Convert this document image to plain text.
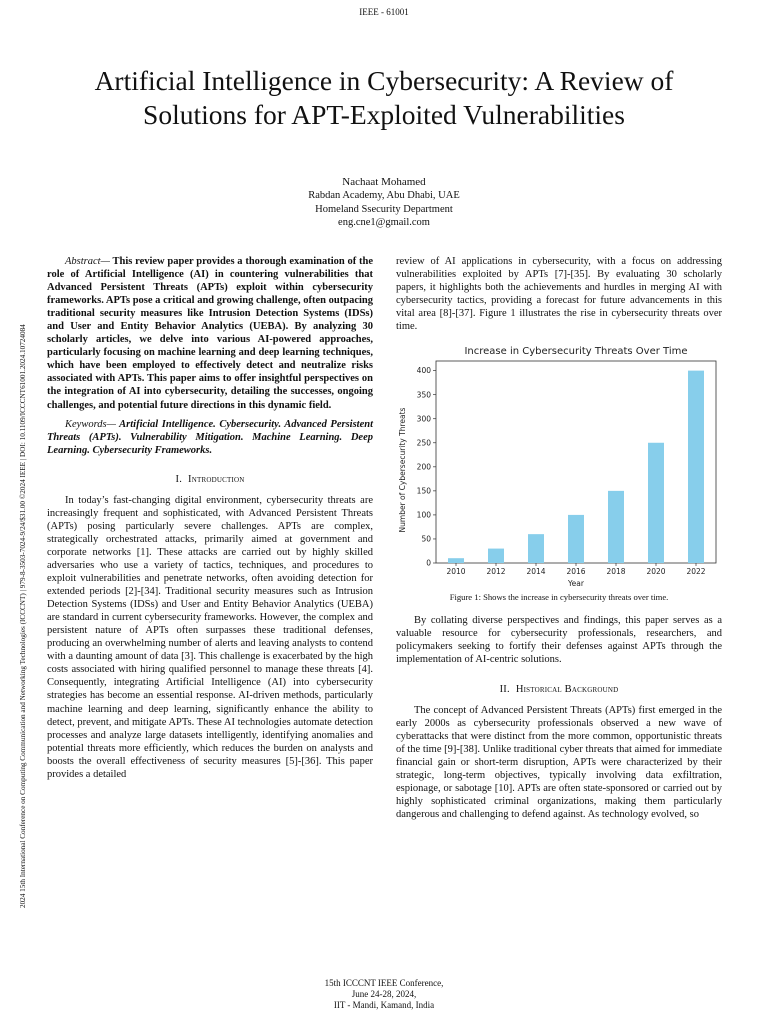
IEEE - 61001
2024 15th International Conference on Computing Communication and Networking Technologies (ICCCNT) | 979-8-3503-7024-9/24/$31.00 ©2024 IEEE | DOI: 10.1109/ICCCNT61001.2024.10724084
Artificial Intelligence in Cybersecurity: A Review of
Solutions for APT-Exploited Vulnerabilities
Nachaat Mohamed
Rabdan Academy, Abu Dhabi, UAE
Homeland Ssecurity Department
eng.cne1@gmail.com

Abstract— This review paper provides a thorough examination of the role of Artificial Intelligence (AI) in countering vulnerabilities that Advanced Persistent Threats (APTs) exploit within cybersecurity frameworks. APTs pose a critical and growing challenge, often outpacing traditional security measures like Intrusion Detection Systems (IDSs) and User and Entity Behavior Analytics (UEBA). By analyzing 30 scholarly articles, we delve into various AI-powered approaches, particularly focusing on machine learning and deep learning techniques, which have been employed to effectively detect and neutralize risks associated with APTs. This paper aims to offer insightful perspectives on the integration of AI into cybersecurity, detailing the successes, ongoing challenges, and potential future directions in this dynamic field.

Keywords— Artificial Intelligence. Cybersecurity. Advanced Persistent Threats (APTs). Vulnerability Mitigation. Machine Learning. Deep Learning. Cybersecurity Frameworks.

I. Introduction

In today’s fast-changing digital environment, cybersecurity threats are increasingly frequent and sophisticated, with Advanced Persistent Threats (APTs) posing particularly severe challenges. APTs are complex, strategically orchestrated attacks, primarily aimed at government and corporate networks [1]. These attacks are carried out by highly skilled adversaries who use a variety of tactics, techniques, and procedures to exploit vulnerabilities and penetrate networks, often avoiding detection for extended periods [2]-[34]. Traditional security measures such as Intrusion Detection Systems (IDSs) and User and Entity Behavior Analytics (UEBA) are standard in current cybersecurity frameworks. However, the complex and persistent nature of APTs often surpasses these traditional defenses, producing an overwhelming number of alerts and leaving analysts to contend with a daunting amount of data [3]. This challenge is exacerbated by the high costs associated with hiring qualified personnel to manage these threats [4]. Consequently, integrating Artificial Intelligence (AI) into cybersecurity strategies has become an essential response. AI-driven methods, particularly machine learning and deep learning, significantly enhance the ability to detect, prevent, and mitigate APTs. These AI technologies automate detection processes and analyze large datasets intelligently, identifying anomalies and potential threats more efficiently, which reduces the burden on analysts and boosts the overall effectiveness of security measures [5]-[36]. This paper provides a detailed

review of AI applications in cybersecurity, with a focus on addressing vulnerabilities exploited by APTs [7]-[35]. By evaluating 30 scholarly papers, it highlights both the achievements and hurdles in merging AI with cybersecurity tactics, providing a forecast for future advancements in this vital area [8]-[37]. Figure 1 illustrates the rise in cybersecurity threats over time.

Increase in Cybersecurity Threats Over Time
0
50
100
150
200
250
300
350
400
2010	2012	2014	2016	2018	2020	2022
Year
Number of Cybersecurity Threats
Figure 1: Shows the increase in cybersecurity threats over time.

By collating diverse perspectives and findings, this paper serves as a valuable resource for cybersecurity professionals, researchers, and policymakers seeking to fortify their defenses against APTs through the implementation of AI-centric solutions.

II. Historical Background

The concept of Advanced Persistent Threats (APTs) first emerged in the early 2000s as cybersecurity professionals observed a new wave of cyberattacks that were distinct from the more common, opportunistic threats of the time [9]-[38]. Unlike traditional cyber threats that aimed for immediate financial gain or short-term disruption, APTs were characterized by their strategic, long-term objectives, typically involving data exfiltration, espionage, or sabotage [10]. APTs are often state-sponsored or carried out by highly sophisticated criminal organizations, making them particularly dangerous and challenging to defend against. As technology evolved, so

15th ICCCNT IEEE Conference,
June 24-28, 2024,
IIT - Mandi, Kamand, India
